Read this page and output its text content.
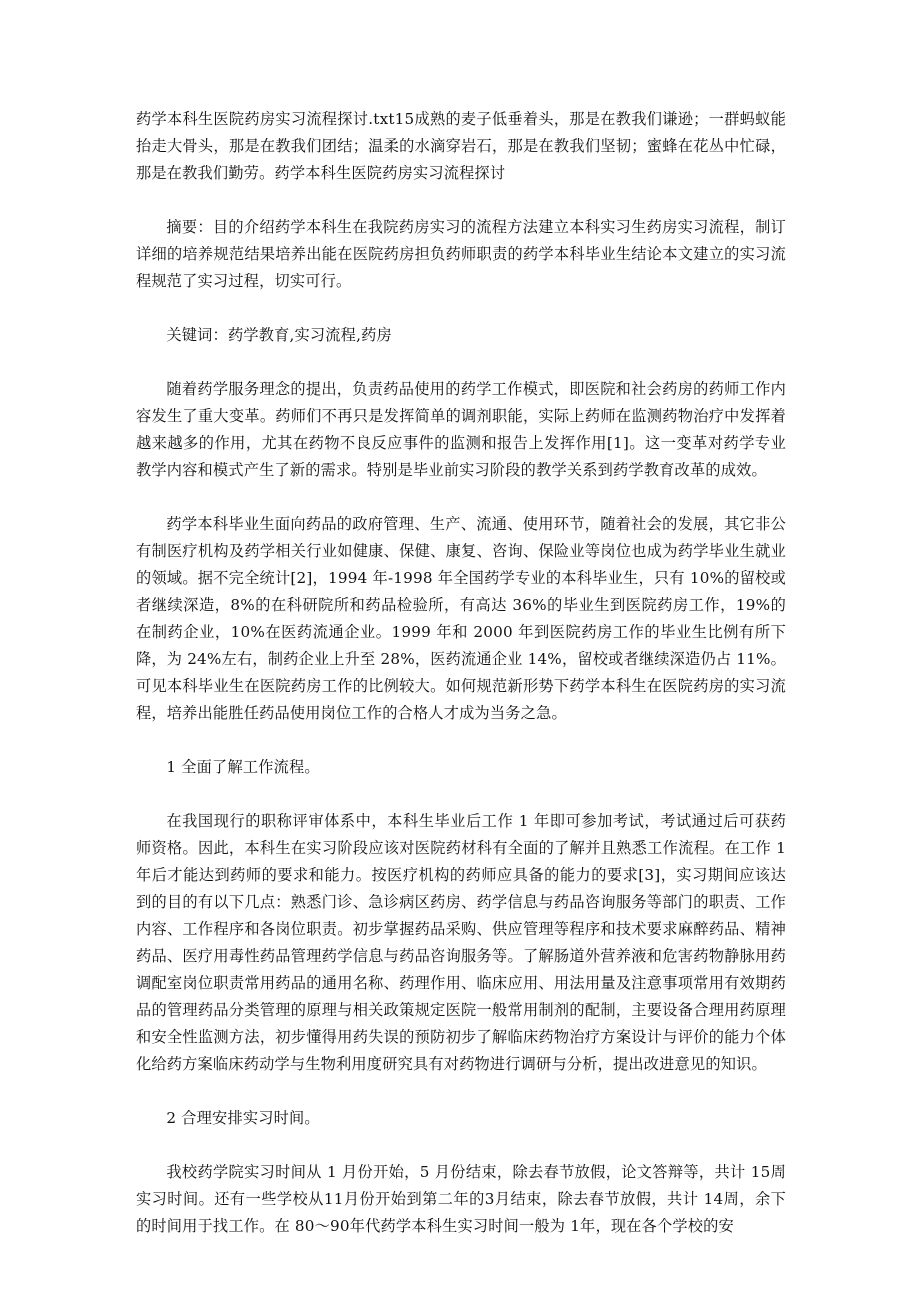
药学本科生医院药房实习流程探讨.txt15成熟的麦子低垂着头，那是在教我们谦逊；一群蚂蚁能抬走大骨头，那是在教我们团结；温柔的水滴穿岩石，那是在教我们坚韧；蜜蜂在花丛中忙碌，那是在教我们勤劳。药学本科生医院药房实习流程探讨

摘要：目的介绍药学本科生在我院药房实习的流程方法建立本科实习生药房实习流程，制订详细的培养规范结果培养出能在医院药房担负药师职责的药学本科毕业生结论本文建立的实习流程规范了实习过程，切实可行。

关键词：药学教育,实习流程,药房

随着药学服务理念的提出，负责药品使用的药学工作模式，即医院和社会药房的药师工作内容发生了重大变革。药师们不再只是发挥简单的调剂职能，实际上药师在监测药物治疗中发挥着越来越多的作用，尤其在药物不良反应事件的监测和报告上发挥作用[1]。这一变革对药学专业教学内容和模式产生了新的需求。特别是毕业前实习阶段的教学关系到药学教育改革的成效。

药学本科毕业生面向药品的政府管理、生产、流通、使用环节，随着社会的发展，其它非公有制医疗机构及药学相关行业如健康、保健、康复、咨询、保险业等岗位也成为药学毕业生就业的领域。据不完全统计[2]，1994 年-1998 年全国药学专业的本科毕业生，只有 10%的留校或者继续深造，8%的在科研院所和药品检验所，有高达 36%的毕业生到医院药房工作，19%的在制药企业，10%在医药流通企业。1999 年和 2000 年到医院药房工作的毕业生比例有所下降，为 24%左右，制药企业上升至 28%，医药流通企业 14%，留校或者继续深造仍占 11%。可见本科毕业生在医院药房工作的比例较大。如何规范新形势下药学本科生在医院药房的实习流程，培养出能胜任药品使用岗位工作的合格人才成为当务之急。

1 全面了解工作流程。

在我国现行的职称评审体系中，本科生毕业后工作 1 年即可参加考试，考试通过后可获药师资格。因此，本科生在实习阶段应该对医院药材科有全面的了解并且熟悉工作流程。在工作 1年后才能达到药师的要求和能力。按医疗机构的药师应具备的能力的要求[3]，实习期间应该达到的目的有以下几点：熟悉门诊、急诊病区药房、药学信息与药品咨询服务等部门的职责、工作内容、工作程序和各岗位职责。初步掌握药品采购、供应管理等程序和技术要求麻醉药品、精神药品、医疗用毒性药品管理药学信息与药品咨询服务等。了解肠道外营养液和危害药物静脉用药调配室岗位职责常用药品的通用名称、药理作用、临床应用、用法用量及注意事项常用有效期药品的管理药品分类管理的原理与相关政策规定医院一般常用制剂的配制，主要设备合理用药原理和安全性监测方法，初步懂得用药失误的预防初步了解临床药物治疗方案设计与评价的能力个体化给药方案临床药动学与生物利用度研究具有对药物进行调研与分析，提出改进意见的知识。

2 合理安排实习时间。

我校药学院实习时间从 1 月份开始，5 月份结束，除去春节放假，论文答辩等，共计 15周实习时间。还有一些学校从11月份开始到第二年的3月结束，除去春节放假，共计 14周，余下的时间用于找工作。在 80～90年代药学本科生实习时间一般为 1年，现在各个学校的安
